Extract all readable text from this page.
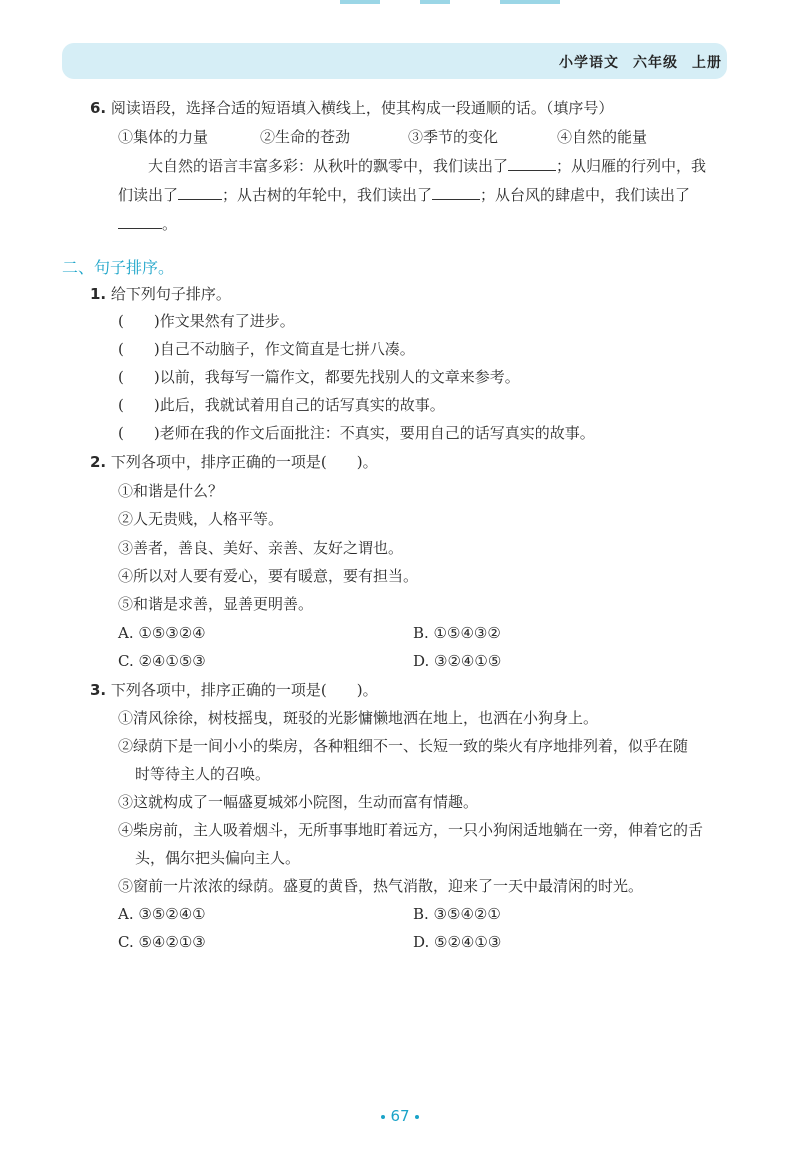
小学语文 六年级 上册
6. 阅读语段，选择合适的短语填入横线上，使其构成一段通顺的话。（填序号）
①集体的力量	②生命的苍劲	③季节的变化	④自然的能量
大自然的语言丰富多彩：从秋叶的飘零中，我们读出了	；从归雁的行列中，我
们读出了	；从古树的年轮中，我们读出了	；从台风的肆虐中，我们读出了
。
二、句子排序。
1. 给下列句子排序。
(　　)作文果然有了进步。
(　　)自己不动脑子，作文简直是七拼八凑。
(　　)以前，我每写一篇作文，都要先找别人的文章来参考。
(　　)此后，我就试着用自己的话写真实的故事。
(　　)老师在我的作文后面批注：不真实，要用自己的话写真实的故事。
2. 下列各项中，排序正确的一项是(　　)。
①和谐是什么？
②人无贵贱，人格平等。
③善者，善良、美好、亲善、友好之谓也。
④所以对人要有爱心，要有暖意，要有担当。
⑤和谐是求善，显善更明善。
A. ①⑤③②④	B. ①⑤④③②
C. ②④①⑤③	D. ③②④①⑤
3. 下列各项中，排序正确的一项是(　　)。
①清风徐徐，树枝摇曳，斑驳的光影慵懒地洒在地上，也洒在小狗身上。
②绿荫下是一间小小的柴房，各种粗细不一、长短一致的柴火有序地排列着，似乎在随
时等待主人的召唤。
③这就构成了一幅盛夏城郊小院图，生动而富有情趣。
④柴房前，主人吸着烟斗，无所事事地盯着远方，一只小狗闲适地躺在一旁，伸着它的舌
头，偶尔把头偏向主人。
⑤窗前一片浓浓的绿荫。盛夏的黄昏，热气消散，迎来了一天中最清闲的时光。
A. ③⑤②④①	B. ③⑤④②①
C. ⑤④②①③	D. ⑤②④①③
67
